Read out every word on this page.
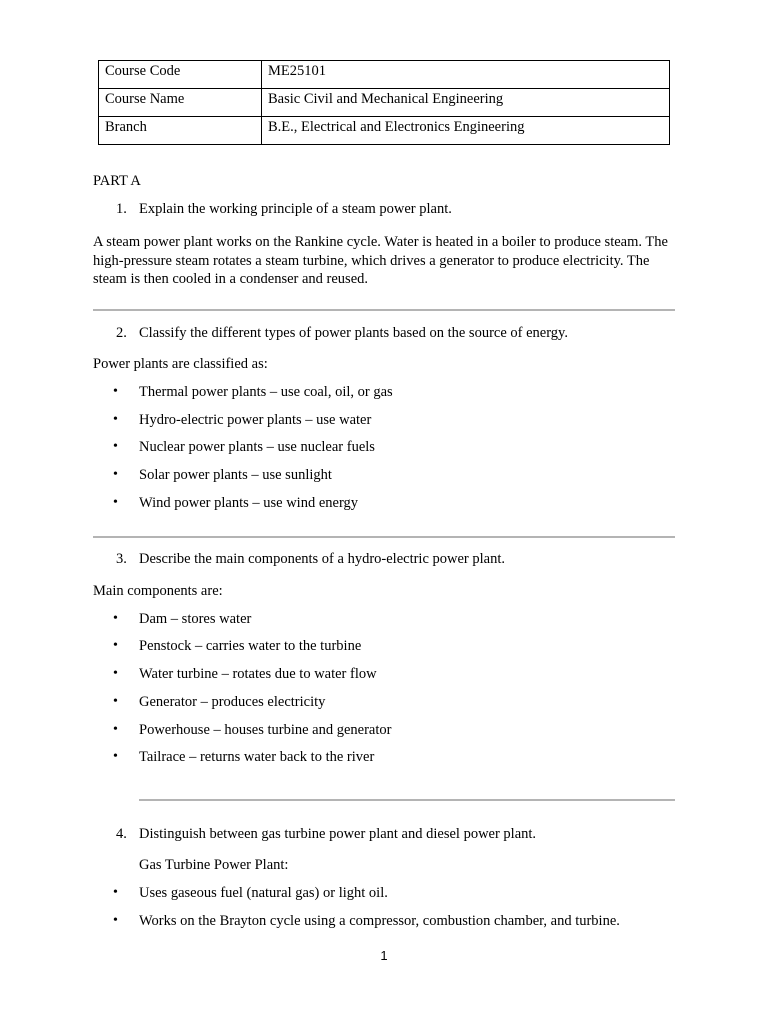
Course Code	ME25101
Course Name	Basic Civil and Mechanical Engineering
Branch	B.E., Electrical and Electronics Engineering
PART A
1. Explain the working principle of a steam power plant.
A steam power plant works on the Rankine cycle. Water is heated in a boiler to produce steam. The high-pressure steam rotates a steam turbine, which drives a generator to produce electricity. The steam is then cooled in a condenser and reused.
2. Classify the different types of power plants based on the source of energy.
Power plants are classified as:
• Thermal power plants – use coal, oil, or gas
• Hydro-electric power plants – use water
• Nuclear power plants – use nuclear fuels
• Solar power plants – use sunlight
• Wind power plants – use wind energy
3. Describe the main components of a hydro-electric power plant.
Main components are:
• Dam – stores water
• Penstock – carries water to the turbine
• Water turbine – rotates due to water flow
• Generator – produces electricity
• Powerhouse – houses turbine and generator
• Tailrace – returns water back to the river
4. Distinguish between gas turbine power plant and diesel power plant.
Gas Turbine Power Plant:
• Uses gaseous fuel (natural gas) or light oil.
• Works on the Brayton cycle using a compressor, combustion chamber, and turbine.
1
